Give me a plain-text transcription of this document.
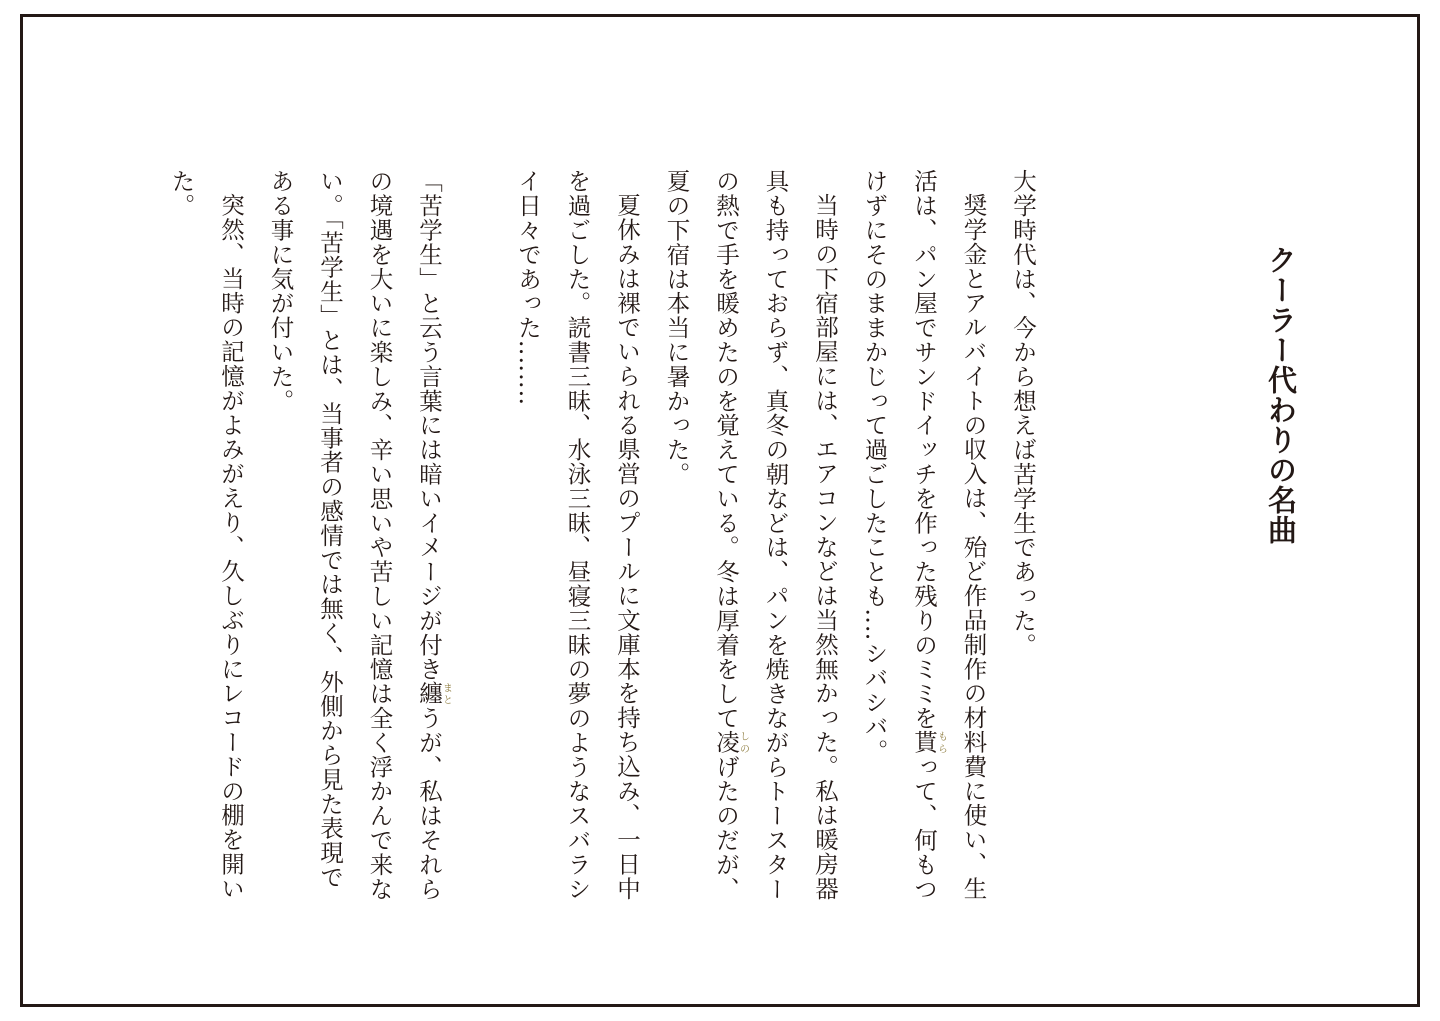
クーラー代わりの名曲

大学時代は、今から想えば苦学生であった。

奨学金とアルバイトの収入は、殆ど作品制作の材料費に使い、生活は、パン屋でサンドイッチを作った残りのミミを貰もらって、何もつけずにそのままかじって過ごしたことも‥‥シバシバ。

当時の下宿部屋には、エアコンなどは当然無かった。私は暖房器具も持っておらず、真冬の朝などは、パンを焼きながらトースターの熱で手を暖めたのを覚えている。冬は厚着をして凌しのげたのだが、夏の下宿は本当に暑かった。

夏休みは裸でいられる県営のプールに文庫本を持ち込み、一日中を過ごした。読書三昧、水泳三昧、昼寝三昧の夢のようなスバラシイ日々であった‥‥‥‥

「苦学生」と云う言葉には暗いイメージが付き纏まとうが、私はそれらの境遇を大いに楽しみ、辛い思いや苦しい記憶は全く浮かんで来ない。「苦学生」とは、当事者の感情では無く、外側から見た表現である事に気が付いた。

突然、当時の記憶がよみがえり、久しぶりにレコードの棚を開いた。
